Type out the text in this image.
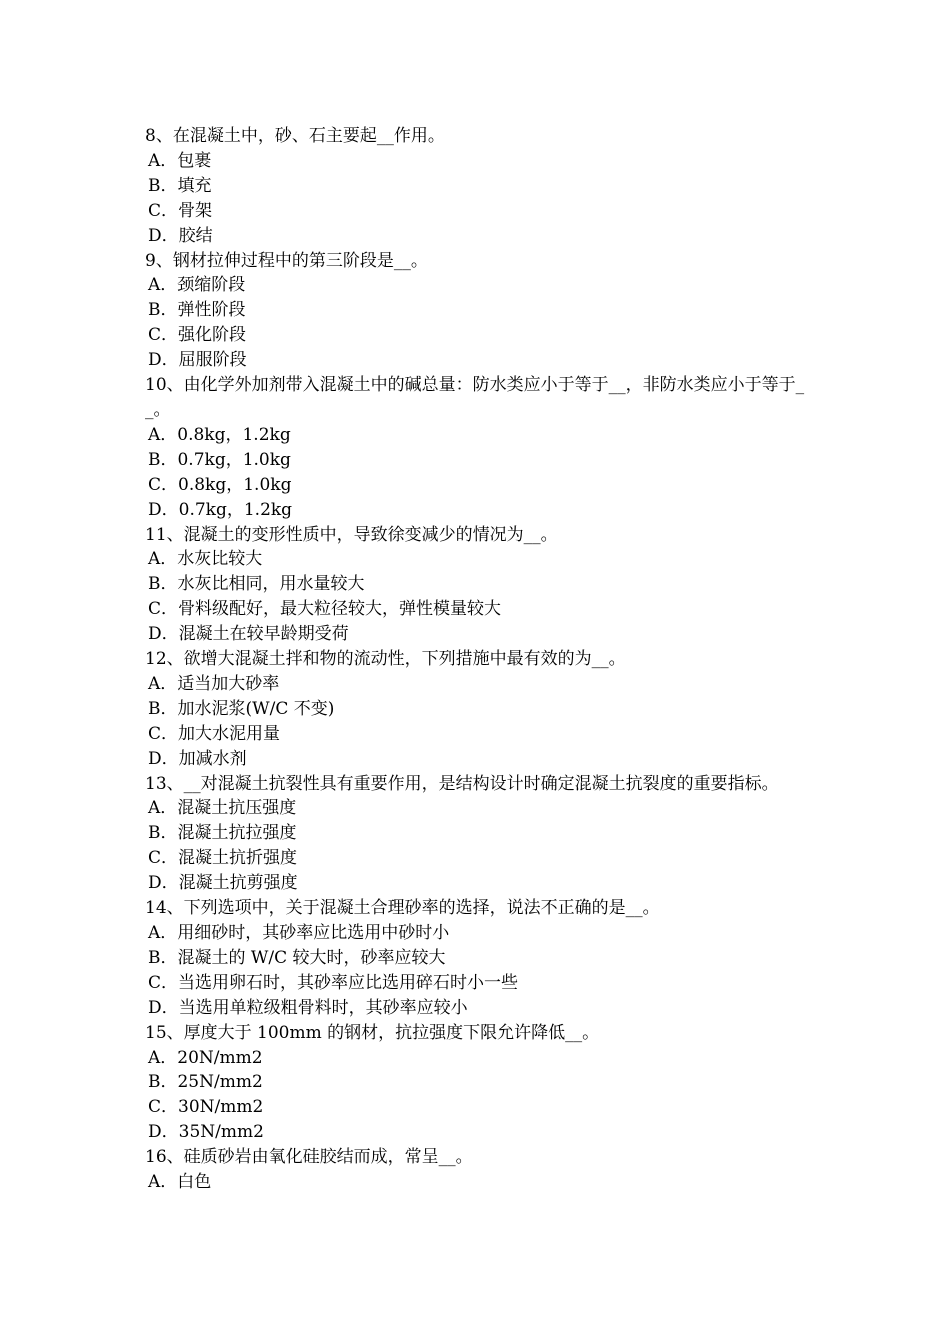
8、在混凝土中，砂、石主要起__作用。
A．包裹
B．填充
C．骨架
D．胶结
9、钢材拉伸过程中的第三阶段是__。
A．颈缩阶段
B．弹性阶段
C．强化阶段
D．屈服阶段
10、由化学外加剂带入混凝土中的碱总量：防水类应小于等于__，非防水类应小于等于__。
A．0.8kg，1.2kg
B．0.7kg，1.0kg
C．0.8kg，1.0kg
D．0.7kg，1.2kg
11、混凝土的变形性质中，导致徐变减少的情况为__。
A．水灰比较大
B．水灰比相同，用水量较大
C．骨料级配好，最大粒径较大，弹性模量较大
D．混凝土在较早龄期受荷
12、欲增大混凝土拌和物的流动性，下列措施中最有效的为__。
A．适当加大砂率
B．加水泥浆(W/C 不变)
C．加大水泥用量
D．加减水剂
13、__对混凝土抗裂性具有重要作用，是结构设计时确定混凝土抗裂度的重要指标。
A．混凝土抗压强度
B．混凝土抗拉强度
C．混凝土抗折强度
D．混凝土抗剪强度
14、下列选项中，关于混凝土合理砂率的选择，说法不正确的是__。
A．用细砂时，其砂率应比选用中砂时小
B．混凝土的 W/C 较大时，砂率应较大
C．当选用卵石时，其砂率应比选用碎石时小一些
D．当选用单粒级粗骨料时，其砂率应较小
15、厚度大于 100mm 的钢材，抗拉强度下限允许降低__。
A．20N/mm2
B．25N/mm2
C．30N/mm2
D．35N/mm2
16、硅质砂岩由氧化硅胶结而成，常呈__。
A．白色
